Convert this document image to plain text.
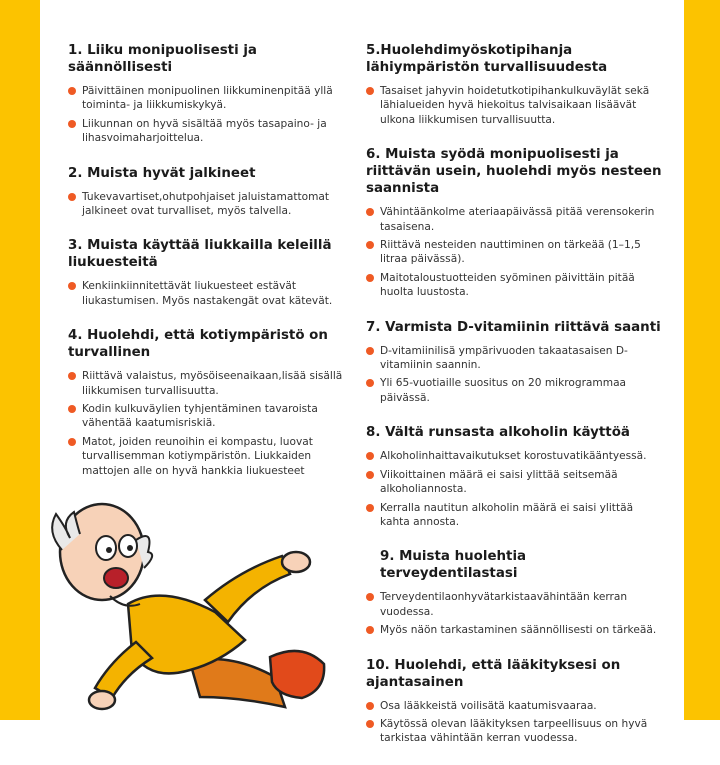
1. Liiku monipuolisesti ja säännöllisesti
Päivittäinen monipuolinen liikkuminenpitää yllä toiminta- ja liikkumiskykyä.
Liikunnan on hyvä sisältää myös tasapaino- ja lihasvoimaharjoittelua.
2. Muista hyvät jalkineet
Tukevavartiset,ohutpohjaiset jaluistamattomat jalkineet ovat turvalliset, myös talvella.
3. Muista käyttää liukkailla keleillä liukuesteitä
Kenkiinkiinnitettävät liukuesteet estävät liukastumisen. Myös nastakengät ovat kätevät.
4. Huolehdi, että kotiympäristö on turvallinen
Riittävä valaistus, myösöiseenaikaan,lisää sisällä liikkumisen turvallisuutta.
Kodin kulkuväylien tyhjentäminen tavaroista vähentää kaatumisriskiä.
Matot, joiden reunoihin ei kompastu, luovat turvallisemman kotiympäristön. Liukkaiden mattojen alle on hyvä hankkia liukuesteet
5.Huolehdimyöskotipihanja lähiympäristön turvallisuudesta
Tasaiset jahyvin hoidetutkotipihankulkuväylät sekä lähialueiden hyvä hiekoitus talvisaikaan lisäävät ulkona liikkumisen turvallisuutta.
6. Muista syödä monipuolisesti ja riittävän usein, huolehdi myös nesteen saannista
Vähintäänkolme ateriaapäivässä pitää verensokerin tasaisena.
Riittävä nesteiden nauttiminen on tärkeää (1–1,5 litraa päivässä).
Maitotaloustuotteiden syöminen päivittäin pitää huolta luustosta.
7. Varmista D-vitamiinin riittävä saanti
D-vitamiinilisä ympärivuoden takaatasaisen D-vitamiinin saannin.
Yli 65-vuotiaille suositus on 20 mikrogrammaa päivässä.
8. Vältä runsasta alkoholin käyttöä
Alkoholinhaittavaikutukset korostuvatikääntyessä.
Viikoittainen määrä ei saisi ylittää seitsemää alkoholiannosta.
Kerralla nautitun alkoholin määrä ei saisi ylittää kahta annosta.
9. Muista huolehtia terveydentilastasi
Terveydentilaonhyvätarkistaavähintään kerran vuodessa.
Myös näön tarkastaminen säännöllisesti on tärkeää.
10. Huolehdi, että lääkityksesi on ajantasainen
Osa lääkkeistä voilisätä kaatumisvaaraa.
Käytössä olevan lääkityksen tarpeellisuus on hyvä tarkistaa vähintään kerran vuodessa.
